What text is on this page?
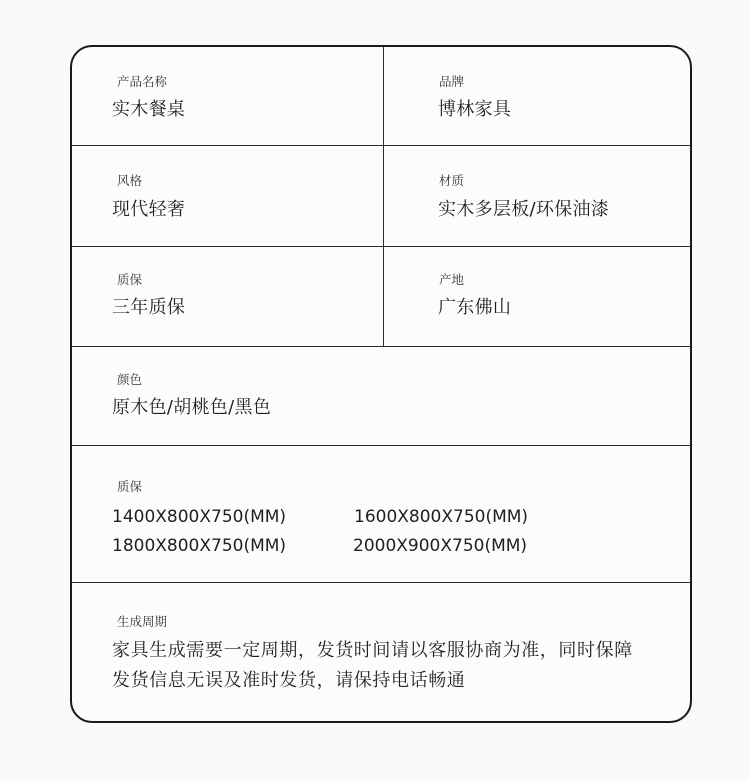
产品名称
实木餐桌
品牌
博林家具
风格
现代轻奢
材质
实木多层板/环保油漆
质保
三年质保
产地
广东佛山
颜色
原木色/胡桃色/黑色
质保
1400X800X750(MM)	1600X800X750(MM)
1800X800X750(MM)	2000X900X750(MM)
生成周期
家具生成需要一定周期，发货时间请以客服协商为准，同时保障
发货信息无误及准时发货，请保持电话畅通
